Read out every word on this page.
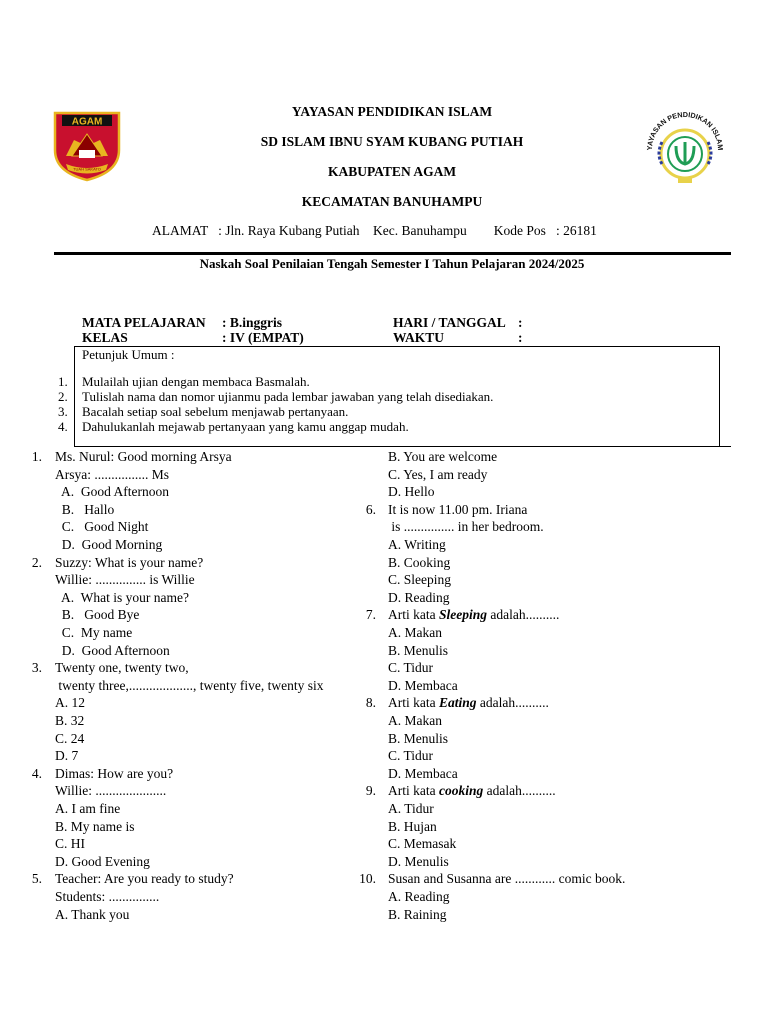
AGAM
TUAH SAKATO
YAYASAN PENDIDIKAN ISLAM
YAYASAN PENDIDIKAN ISLAM
SD ISLAM IBNU SYAM KUBANG PUTIAH
KABUPATEN AGAM
KECAMATAN BANUHAMPU
ALAMAT   : Jln. Raya Kubang Putiah    Kec. Banuhampu        Kode Pos   : 26181
Naskah Soal Penilaian Tengah Semester I Tahun Pelajaran 2024/2025
MATA PELAJARAN : B.inggris
KELAS	: IV (EMPAT)
HARI / TANGGAL :
WAKTU	:
Petunjuk Umum :
1. Mulailah ujian dengan membaca Basmalah.
2. Tulislah nama dan nomor ujianmu pada lembar jawaban yang telah disediakan.
3. Bacalah setiap soal sebelum menjawab pertanyaan.
4. Dahulukanlah mejawab pertanyaan yang kamu anggap mudah.
1. Ms. Nurul: Good morning Arsya
Arsya: ................ Ms
A.  Good Afternoon
B.   Hallo
C.   Good Night
D.  Good Morning
2. Suzzy: What is your name?
Willie: ............... is Willie
A.  What is your name?
B.   Good Bye
C.  My name
D.  Good Afternoon
3. Twenty one, twenty two,
twenty three,..................., twenty five, twenty six
A. 12
B. 32
C. 24
D. 7
4. Dimas: How are you?
Willie: .....................
A. I am fine
B. My name is
C. HI
D. Good Evening
5. Teacher: Are you ready to study?
Students: ...............
A. Thank you
B. You are welcome
C. Yes, I am ready
D. Hello
6. It is now 11.00 pm. Iriana
is ............... in her bedroom.
A. Writing
B. Cooking
C. Sleeping
D. Reading
7. Arti kata Sleeping adalah..........
A. Makan
B. Menulis
C. Tidur
D. Membaca
8. Arti kata Eating adalah..........
A. Makan
B. Menulis
C. Tidur
D. Membaca
9. Arti kata cooking adalah..........
A. Tidur
B. Hujan
C. Memasak
D. Menulis
10. Susan and Susanna are ............ comic book.
A. Reading
B. Raining
